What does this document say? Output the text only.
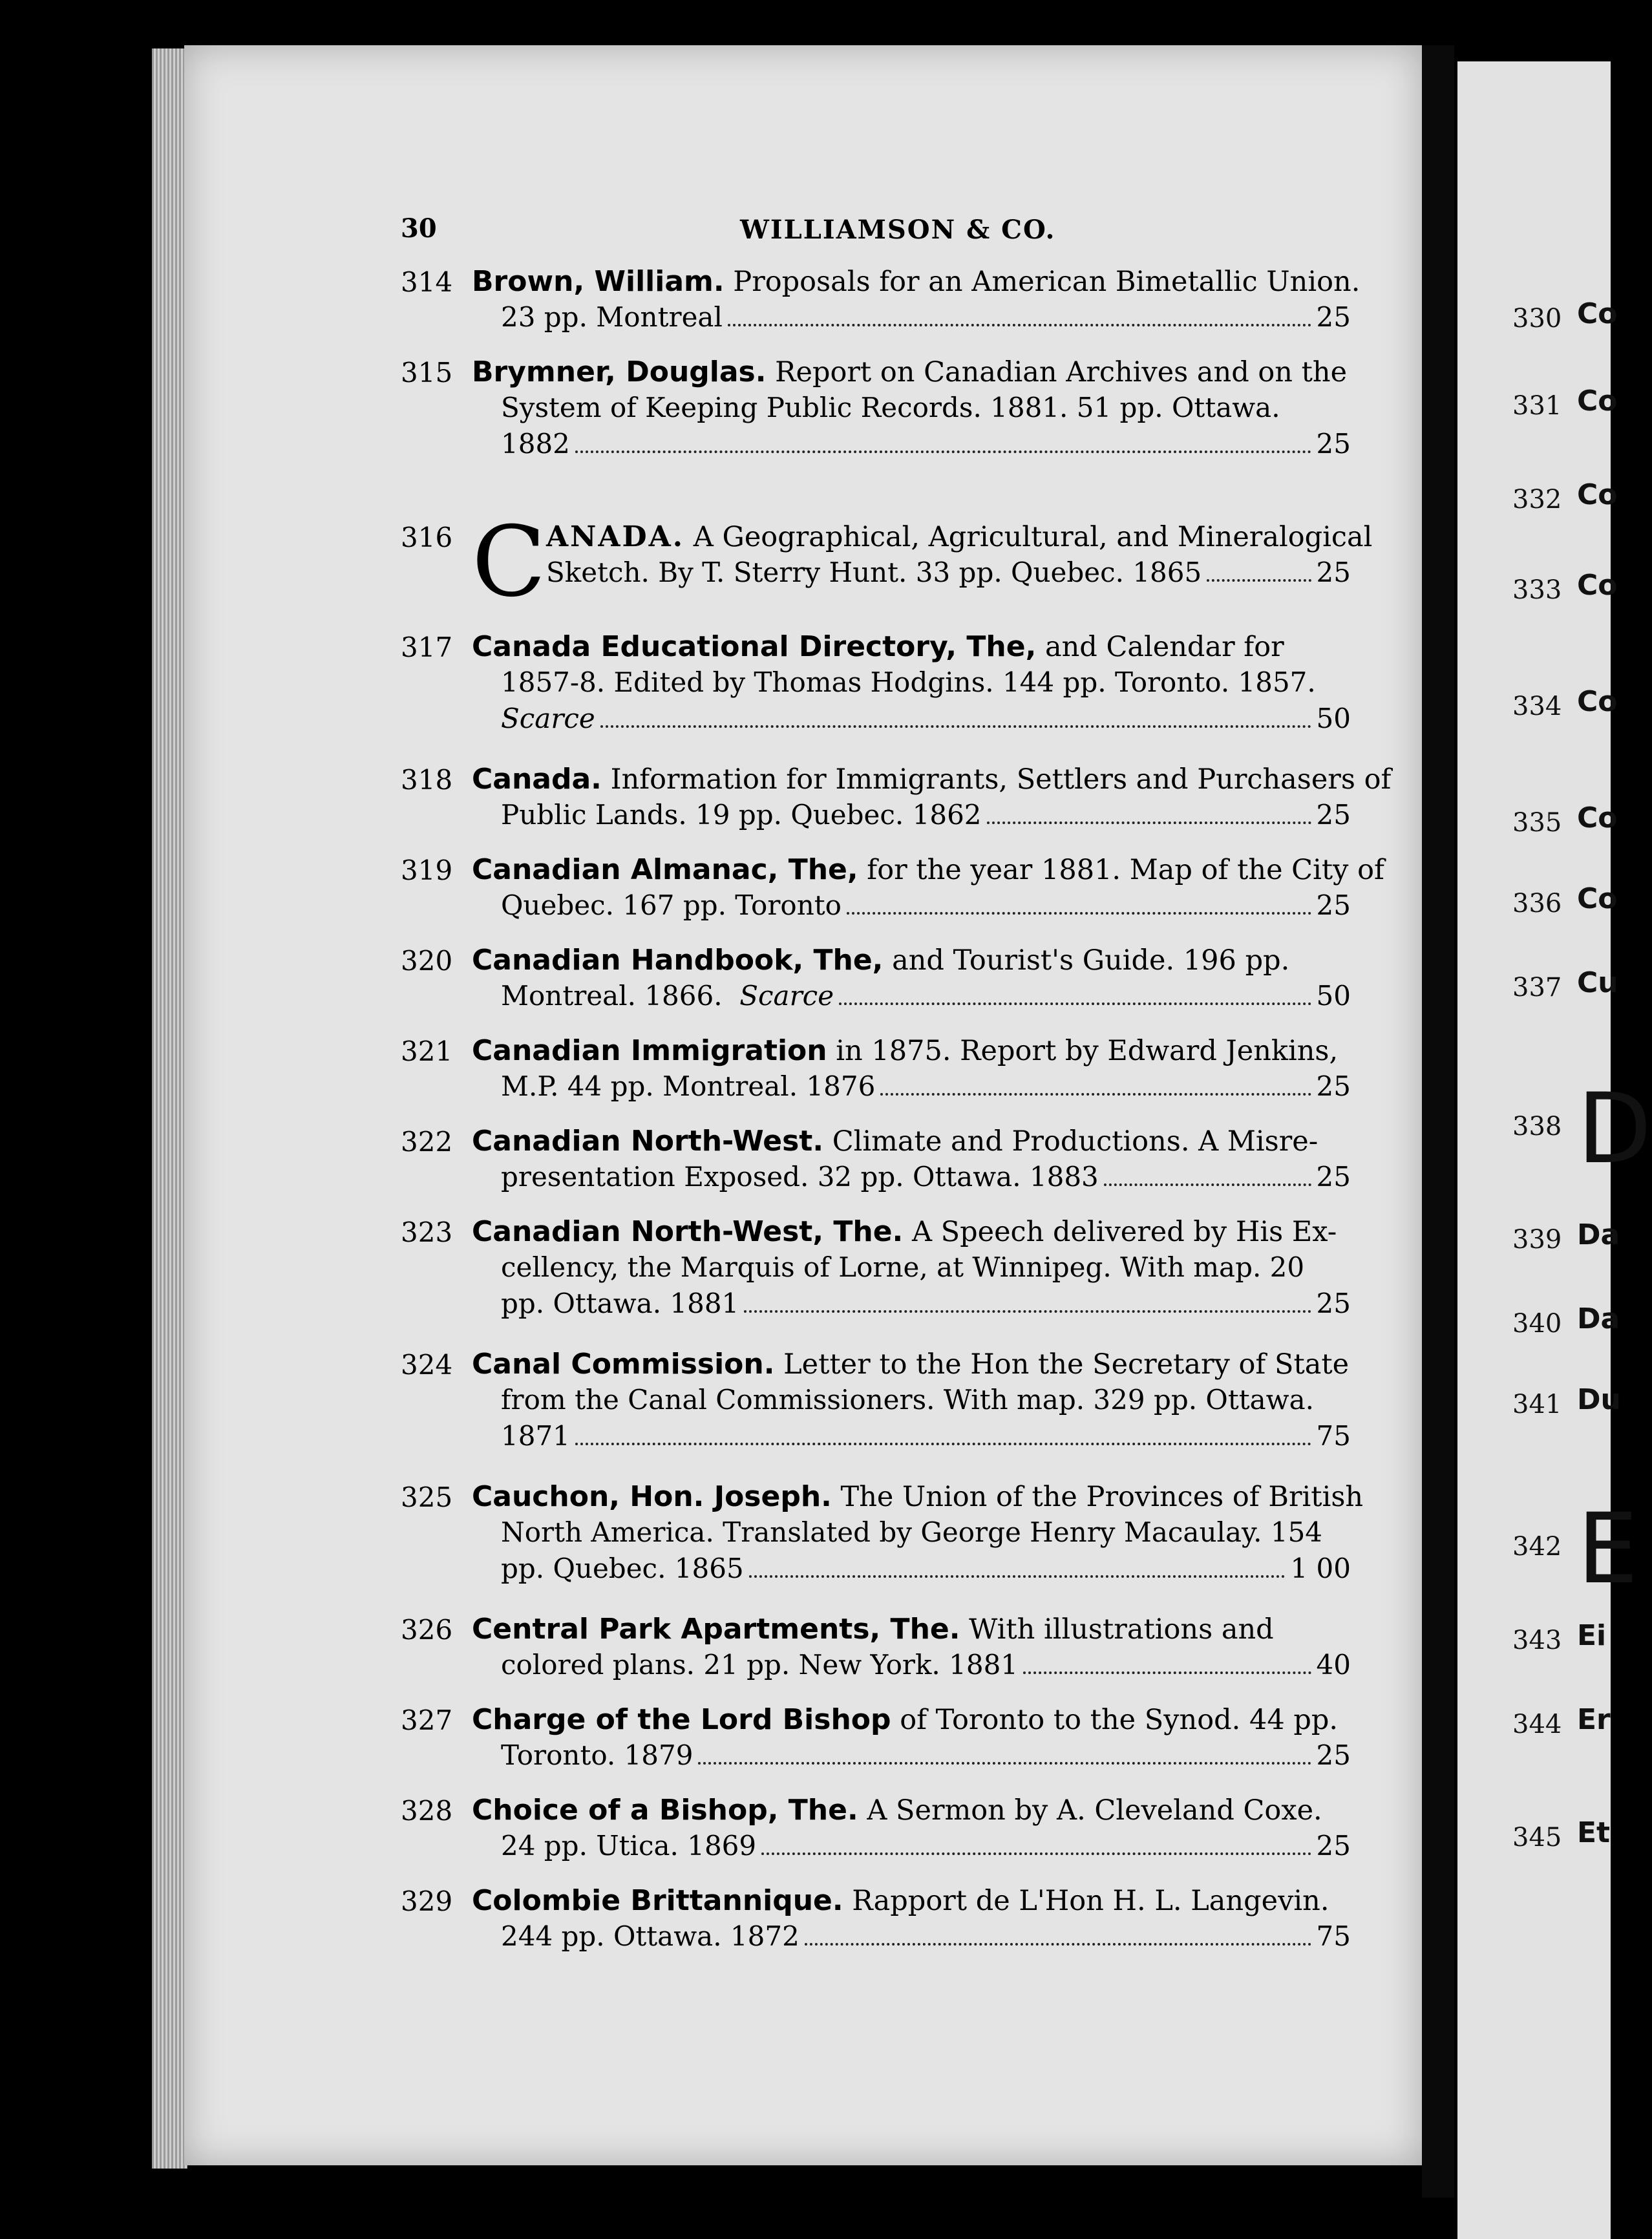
30	WILLIAMSON & CO.
314 Brown, William. Proposals for an American Bimetallic Union.
23 pp. Montreal	25
315 Brymner, Douglas. Report on Canadian Archives and on the
System of Keeping Public Records. 1881. 51 pp. Ottawa.
1882	25
316 C ANADA. A Geographical, Agricultural, and Mineralogical
Sketch. By T. Sterry Hunt. 33 pp. Quebec. 1865	25
317 Canada Educational Directory, The, and Calendar for
1857-8. Edited by Thomas Hodgins. 144 pp. Toronto. 1857.
Scarce	50
318 Canada. Information for Immigrants, Settlers and Purchasers of
Public Lands. 19 pp. Quebec. 1862	25
319 Canadian Almanac, The, for the year 1881. Map of the City of
Quebec. 167 pp. Toronto	25
320 Canadian Handbook, The, and Tourist's Guide. 196 pp.
Montreal. 1866.
Scarce	50
321 Canadian Immigration in 1875. Report by Edward Jenkins,
M.P. 44 pp. Montreal. 1876	25
322 Canadian North-West. Climate and Productions. A Misre-
presentation Exposed. 32 pp. Ottawa. 1883	25
323 Canadian North-West, The. A Speech delivered by His Ex-
cellency, the Marquis of Lorne, at Winnipeg. With map. 20
pp. Ottawa. 1881	25
324 Canal Commission. Letter to the Hon the Secretary of State
from the Canal Commissioners. With map. 329 pp. Ottawa.
1871	75
325 Cauchon, Hon. Joseph. The Union of the Provinces of British
North America. Translated by George Henry Macaulay. 154
pp. Quebec. 1865	1 00
326 Central Park Apartments, The. With illustrations and
colored plans. 21 pp. New York. 1881	40
327 Charge of the Lord Bishop of Toronto to the Synod. 44 pp.
Toronto. 1879	25
328 Choice of a Bishop, The. A Sermon by A. Cleveland Coxe.
24 pp. Utica. 1869	25
329 Colombie Brittannique. Rapport de L'Hon H. L. Langevin.
244 pp. Ottawa. 1872	75
330 Co
331 Co
332 Co
333 Co
334 Co
335 Co
336 Co
337 Cu
338 D
339 Da
340 Da
341 Du
342 E
343 Ei
344 Er
345 Et
